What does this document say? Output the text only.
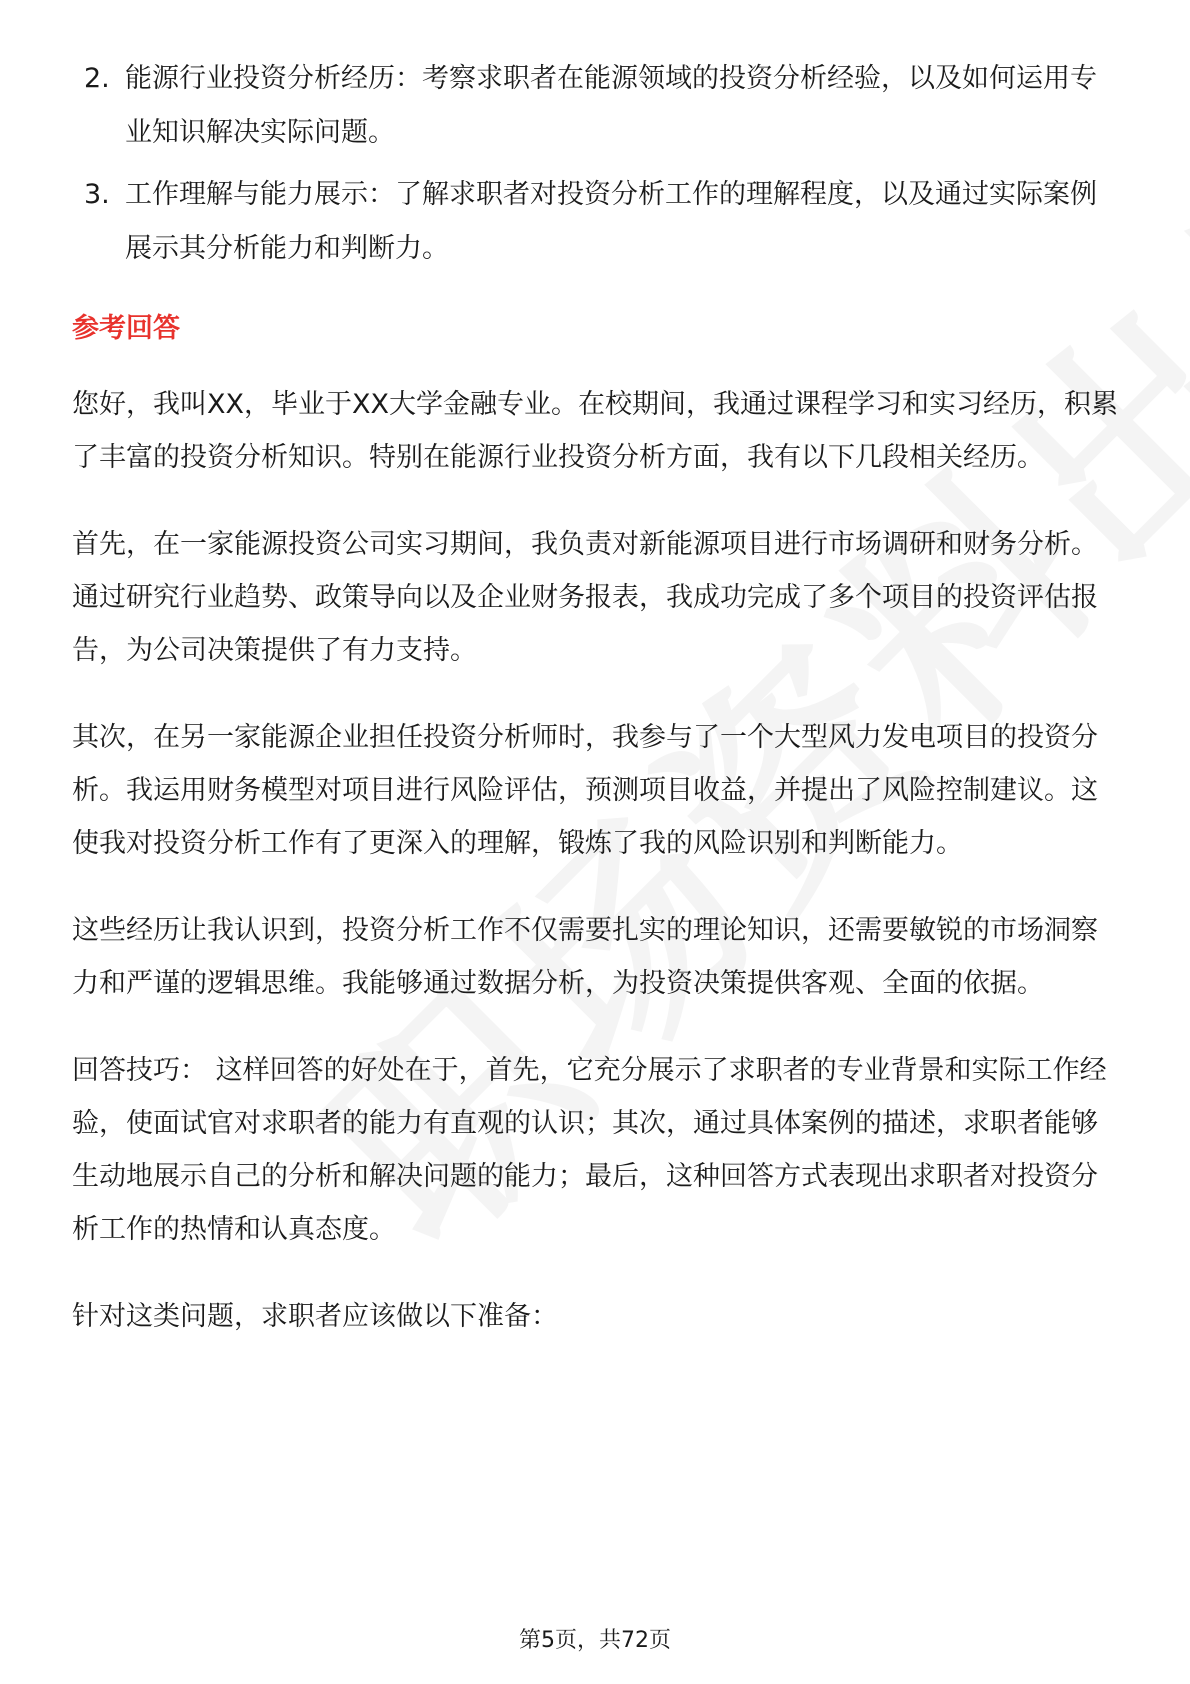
2. 能源行业投资分析经历：考察求职者在能源领域的投资分析经验，以及如何运用专业知识解决实际问题。
3. 工作理解与能力展示：了解求职者对投资分析工作的理解程度，以及通过实际案例展示其分析能力和判断力。
参考回答

您好，我叫XX，毕业于XX大学金融专业。在校期间，我通过课程学习和实习经历，积累了丰富的投资分析知识。特别在能源行业投资分析方面，我有以下几段相关经历。

首先，在一家能源投资公司实习期间，我负责对新能源项目进行市场调研和财务分析。通过研究行业趋势、政策导向以及企业财务报表，我成功完成了多个项目的投资评估报告，为公司决策提供了有力支持。

其次，在另一家能源企业担任投资分析师时，我参与了一个大型风力发电项目的投资分析。我运用财务模型对项目进行风险评估，预测项目收益，并提出了风险控制建议。这使我对投资分析工作有了更深入的理解，锻炼了我的风险识别和判断能力。

这些经历让我认识到，投资分析工作不仅需要扎实的理论知识，还需要敏锐的市场洞察力和严谨的逻辑思维。我能够通过数据分析，为投资决策提供客观、全面的依据。

回答技巧： 这样回答的好处在于，首先，它充分展示了求职者的专业背景和实际工作经验，使面试官对求职者的能力有直观的认识；其次，通过具体案例的描述，求职者能够生动地展示自己的分析和解决问题的能力；最后，这种回答方式表现出求职者对投资分析工作的热情和认真态度。

针对这类问题，求职者应该做以下准备：

第5页，共72页
